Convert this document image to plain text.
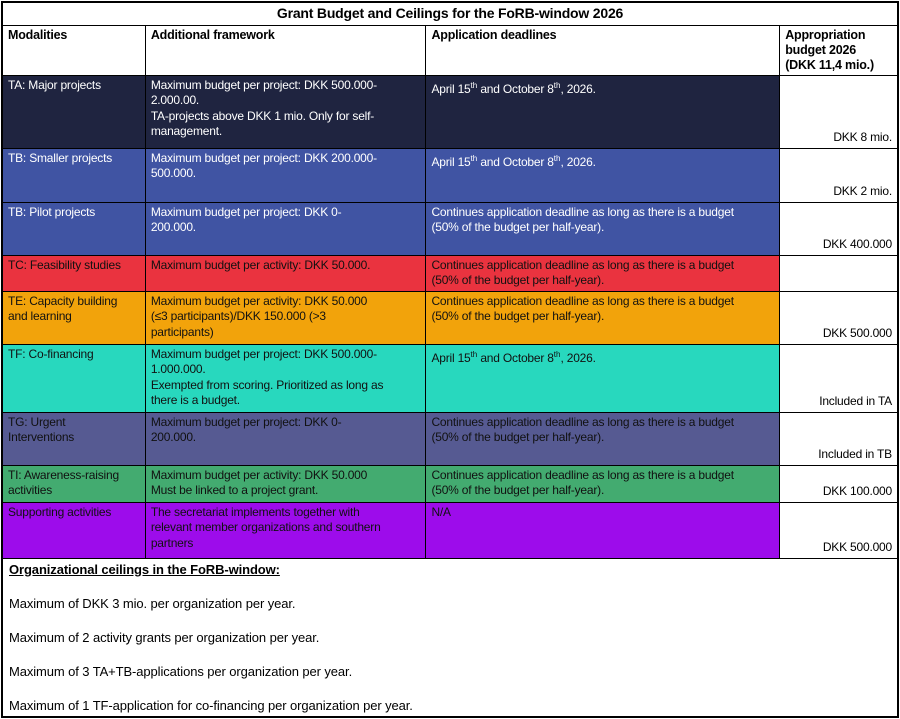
Grant Budget and Ceilings for the FoRB-window 2026			
Modalities	Additional framework	Application deadlines	Appropriation
budget 2026
(DKK 11,4 mio.)
TA: Major projects	Maximum budget per project: DKK 500.000-
2.000.00.
TA-projects above DKK 1 mio. Only for self-
management.	April 15th and October 8th, 2026.	DKK 8 mio.
TB: Smaller projects	Maximum budget per project: DKK 200.000-
500.000.	April 15th and October 8th, 2026.	DKK 2 mio.
TB: Pilot projects	Maximum budget per project: DKK 0-
200.000.	Continues application deadline as long as there is a budget
(50% of the budget per half-year).	DKK 400.000
TC: Feasibility studies	Maximum budget per activity: DKK 50.000.	Continues application deadline as long as there is a budget
(50% of the budget per half-year).	
TE: Capacity building
and learning	Maximum budget per activity: DKK 50.000
(≤3 participants)/DKK 150.000 (>3
participants)	Continues application deadline as long as there is a budget
(50% of the budget per half-year).	DKK 500.000
TF: Co-financing	Maximum budget per project: DKK 500.000-
1.000.000.
Exempted from scoring. Prioritized as long as
there is a budget.	April 15th and October 8th, 2026.	Included in TA
TG: Urgent
Interventions	Maximum budget per project: DKK 0-
200.000.	Continues application deadline as long as there is a budget
(50% of the budget per half-year).	Included in TB
TI: Awareness-raising
activities	Maximum budget per activity: DKK 50.000
Must be linked to a project grant.	Continues application deadline as long as there is a budget
(50% of the budget per half-year).	DKK 100.000
Supporting activities	The secretariat implements together with
relevant member organizations and southern
partners	N/A	DKK 500.000
Organizational ceilings in the FoRB-window:

Maximum of DKK 3 mio. per organization per year.

Maximum of 2 activity grants per organization per year.

Maximum of 3 TA+TB-applications per organization per year.

Maximum of 1 TF-application for co-financing per organization per year.			
